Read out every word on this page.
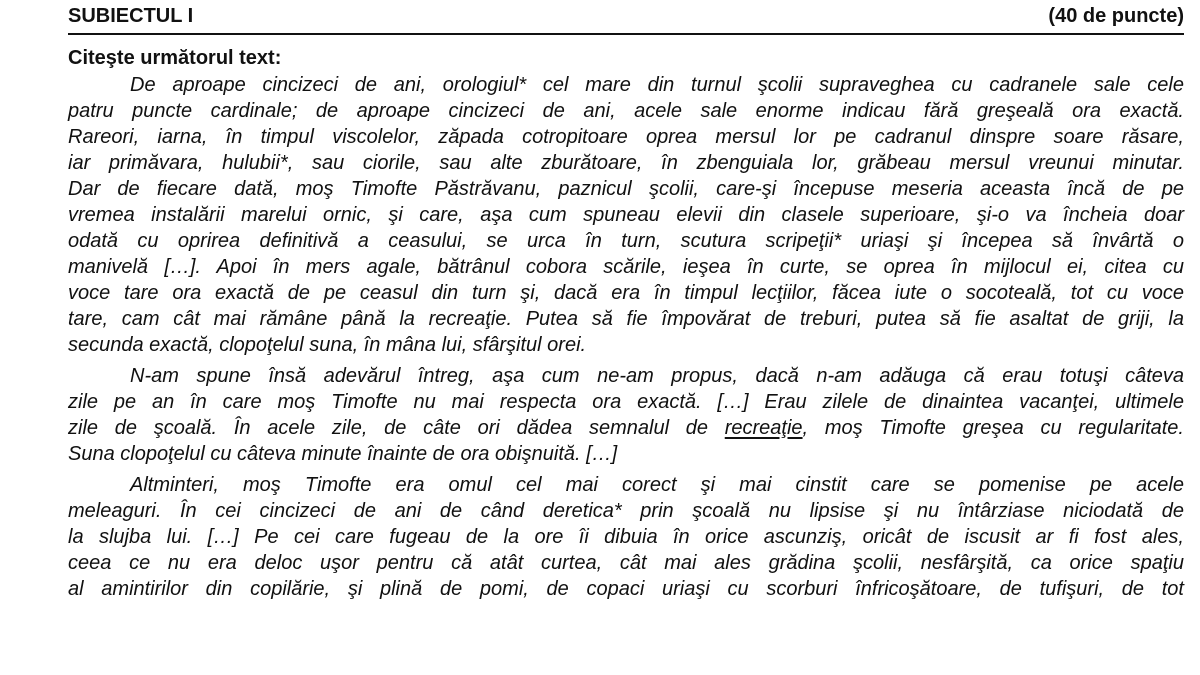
SUBIECTUL I	(40 de puncte)
Citeşte următorul text:
De aproape cincizeci de ani, orologiul* cel mare din turnul şcolii supraveghea cu cadranele sale cele
patru puncte cardinale; de aproape cincizeci de ani, acele sale enorme indicau fără greşeală ora exactă.
Rareori, iarna, în timpul viscolelor, zăpada cotropitoare oprea mersul lor pe cadranul dinspre soare răsare,
iar primăvara, hulubii*, sau ciorile, sau alte zburătoare, în zbenguiala lor, grăbeau mersul vreunui minutar.
Dar de fiecare dată, moş Timofte Păstrăvanu, paznicul şcolii, care-şi începuse meseria aceasta încă de pe
vremea instalării marelui ornic, şi care, aşa cum spuneau elevii din clasele superioare, şi-o va încheia doar
odată cu oprirea definitivă a ceasului, se urca în turn, scutura scripeţii* uriaşi şi începea să învârtă o
manivelă […]. Apoi în mers agale, bătrânul cobora scările, ieşea în curte, se oprea în mijlocul ei, citea cu
voce tare ora exactă de pe ceasul din turn şi, dacă era în timpul lecţiilor, făcea iute o socoteală, tot cu voce
tare, cam cât mai rămâne până la recreaţie. Putea să fie împovărat de treburi, putea să fie asaltat de griji, la
secunda exactă, clopoţelul suna, în mâna lui, sfârşitul orei.
N-am spune însă adevărul întreg, aşa cum ne-am propus, dacă n-am adăuga că erau totuşi câteva
zile pe an în care moş Timofte nu mai respecta ora exactă. […] Erau zilele de dinaintea vacanţei, ultimele
zile de şcoală. În acele zile, de câte ori dădea semnalul de recreaţie, moş Timofte greşea cu regularitate.
Suna clopoţelul cu câteva minute înainte de ora obişnuită. […]
Altminteri, moş Timofte era omul cel mai corect şi mai cinstit care se pomenise pe acele
meleaguri. În cei cincizeci de ani de când deretica* prin şcoală nu lipsise şi nu întârziase niciodată de
la slujba lui. […] Pe cei care fugeau de la ore îi dibuia în orice ascunziş, oricât de iscusit ar fi fost ales,
ceea ce nu era deloc uşor pentru că atât curtea, cât mai ales grădina şcolii, nesfârşită, ca orice spaţiu
al amintirilor din copilărie, şi plină de pomi, de copaci uriaşi cu scorburi înfricoşătoare, de tufişuri, de tot
